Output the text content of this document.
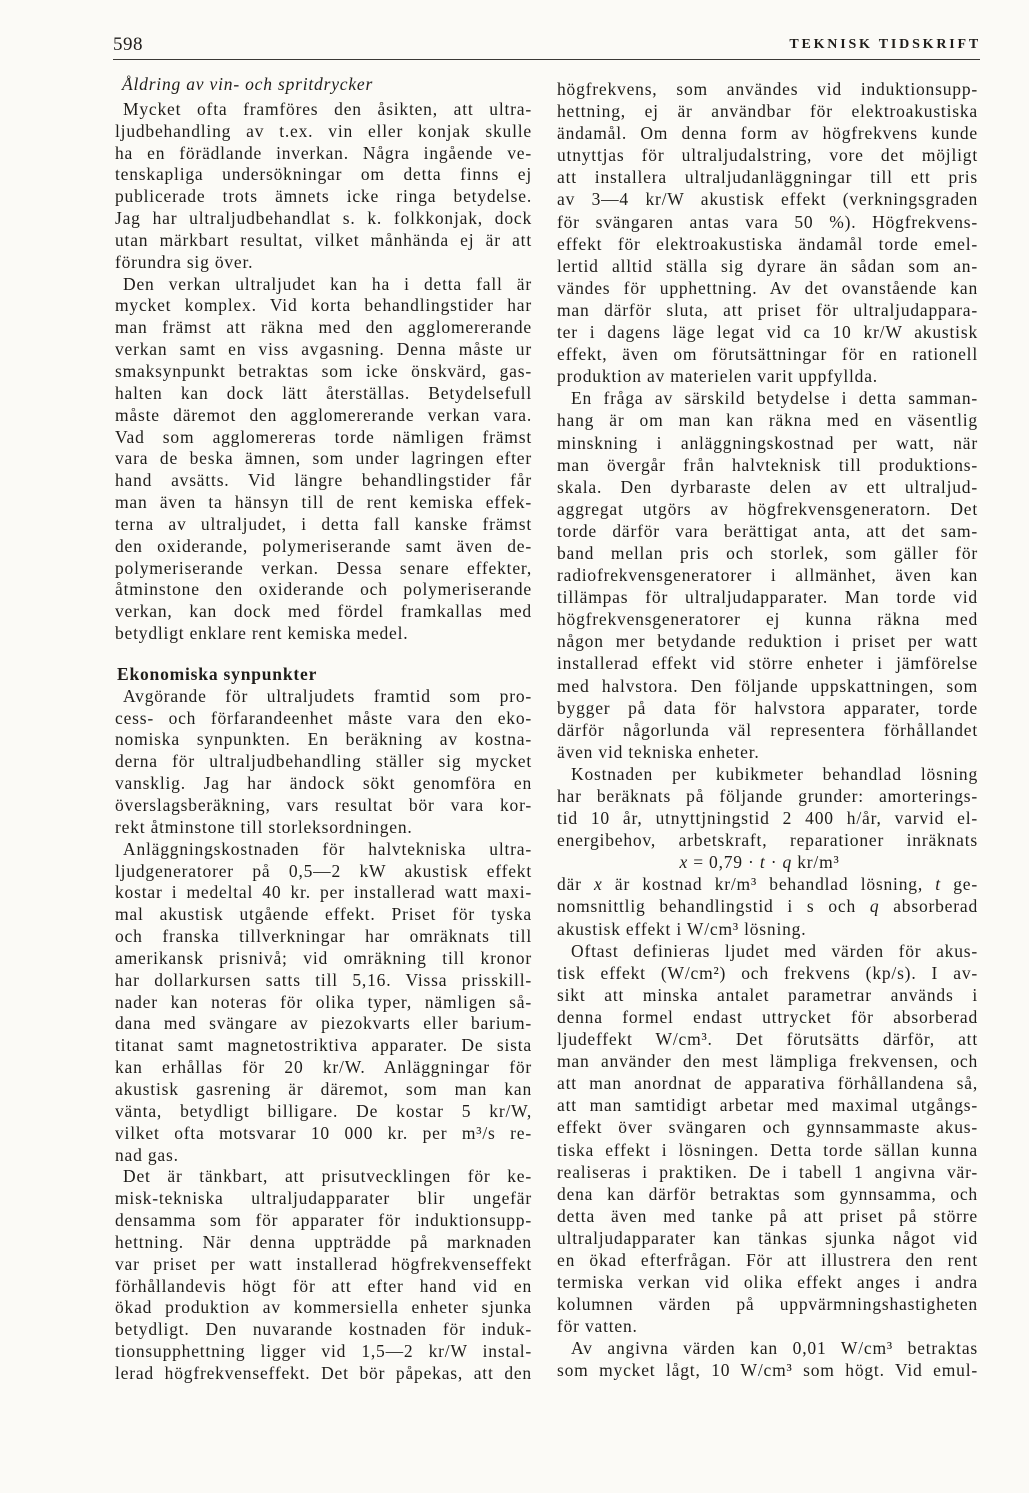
598	TEKNISK TIDSKRIFT
Åldring av vin- och spritdrycker
Mycket ofta framföres den åsikten, att ultra-
ljudbehandling av t.ex. vin eller konjak skulle
ha en förädlande inverkan. Några ingående ve-
tenskapliga undersökningar om detta finns ej
publicerade trots ämnets icke ringa betydelse.
Jag har ultraljudbehandlat s. k. folkkonjak, dock
utan märkbart resultat, vilket månhända ej är att
förundra sig över.
Den verkan ultraljudet kan ha i detta fall är
mycket komplex. Vid korta behandlingstider har
man främst att räkna med den agglomererande
verkan samt en viss avgasning. Denna måste ur
smaksynpunkt betraktas som icke önskvärd, gas-
halten kan dock lätt återställas. Betydelsefull
måste däremot den agglomererande verkan vara.
Vad som agglomereras torde nämligen främst
vara de beska ämnen, som under lagringen efter
hand avsätts. Vid längre behandlingstider får
man även ta hänsyn till de rent kemiska effek-
terna av ultraljudet, i detta fall kanske främst
den oxiderande, polymeriserande samt även de-
polymeriserande verkan. Dessa senare effekter,
åtminstone den oxiderande och polymeriserande
verkan, kan dock med fördel framkallas med
betydligt enklare rent kemiska medel.
Ekonomiska synpunkter
Avgörande för ultraljudets framtid som pro-
cess- och förfarandeenhet måste vara den eko-
nomiska synpunkten. En beräkning av kostna-
derna för ultraljudbehandling ställer sig mycket
vansklig. Jag har ändock sökt genomföra en
överslagsberäkning, vars resultat bör vara kor-
rekt åtminstone till storleksordningen.
Anläggningskostnaden för halvtekniska ultra-
ljudgeneratorer på 0,5—2 kW akustisk effekt
kostar i medeltal 40 kr. per installerad watt maxi-
mal akustisk utgående effekt. Priset för tyska
och franska tillverkningar har omräknats till
amerikansk prisnivå; vid omräkning till kronor
har dollarkursen satts till 5,16. Vissa prisskill-
nader kan noteras för olika typer, nämligen så-
dana med svängare av piezokvarts eller barium-
titanat samt magnetostriktiva apparater. De sista
kan erhållas för 20 kr/W. Anläggningar för
akustisk gasrening är däremot, som man kan
vänta, betydligt billigare. De kostar 5 kr/W,
vilket ofta motsvarar 10 000 kr. per m³/s re-
nad gas.
Det är tänkbart, att prisutvecklingen för ke-
misk-tekniska ultraljudapparater blir ungefär
densamma som för apparater för induktionsupp-
hettning. När denna uppträdde på marknaden
var priset per watt installerad högfrekvenseffekt
förhållandevis högt för att efter hand vid en
ökad produktion av kommersiella enheter sjunka
betydligt. Den nuvarande kostnaden för induk-
tionsupphettning ligger vid 1,5—2 kr/W instal-
lerad högfrekvenseffekt. Det bör påpekas, att den
högfrekvens, som användes vid induktionsupp-
hettning, ej är användbar för elektroakustiska
ändamål. Om denna form av högfrekvens kunde
utnyttjas för ultraljudalstring, vore det möjligt
att installera ultraljudanläggningar till ett pris
av 3—4 kr/W akustisk effekt (verkningsgraden
för svängaren antas vara 50 %). Högfrekvens-
effekt för elektroakustiska ändamål torde emel-
lertid alltid ställa sig dyrare än sådan som an-
vändes för upphettning. Av det ovanstående kan
man därför sluta, att priset för ultraljudappara-
ter i dagens läge legat vid ca 10 kr/W akustisk
effekt, även om förutsättningar för en rationell
produktion av materielen varit uppfyllda.
En fråga av särskild betydelse i detta samman-
hang är om man kan räkna med en väsentlig
minskning i anläggningskostnad per watt, när
man övergår från halvteknisk till produktions-
skala. Den dyrbaraste delen av ett ultraljud-
aggregat utgörs av högfrekvensgeneratorn. Det
torde därför vara berättigat anta, att det sam-
band mellan pris och storlek, som gäller för
radiofrekvensgeneratorer i allmänhet, även kan
tillämpas för ultraljudapparater. Man torde vid
högfrekvensgeneratorer ej kunna räkna med
någon mer betydande reduktion i priset per watt
installerad effekt vid större enheter i jämförelse
med halvstora. Den följande uppskattningen, som
bygger på data för halvstora apparater, torde
därför någorlunda väl representera förhållandet
även vid tekniska enheter.
Kostnaden per kubikmeter behandlad lösning
har beräknats på följande grunder: amorterings-
tid 10 år, utnyttjningstid 2 400 h/år, varvid el-
energibehov, arbetskraft, reparationer inräknats
x = 0,79 · t · q kr/m³
där x är kostnad kr/m³ behandlad lösning, t ge-
nomsnittlig behandlingstid i s och q absorberad
akustisk effekt i W/cm³ lösning.
Oftast definieras ljudet med värden för akus-
tisk effekt (W/cm²) och frekvens (kp/s). I av-
sikt att minska antalet parametrar används i
denna formel endast uttrycket för absorberad
ljudeffekt W/cm³. Det förutsätts därför, att
man använder den mest lämpliga frekvensen, och
att man anordnat de apparativa förhållandena så,
att man samtidigt arbetar med maximal utgångs-
effekt över svängaren och gynnsammaste akus-
tiska effekt i lösningen. Detta torde sällan kunna
realiseras i praktiken. De i tabell 1 angivna vär-
dena kan därför betraktas som gynnsamma, och
detta även med tanke på att priset på större
ultraljudapparater kan tänkas sjunka något vid
en ökad efterfrågan. För att illustrera den rent
termiska verkan vid olika effekt anges i andra
kolumnen värden på uppvärmningshastigheten
för vatten.
Av angivna värden kan 0,01 W/cm³ betraktas
som mycket lågt, 10 W/cm³ som högt. Vid emul-
